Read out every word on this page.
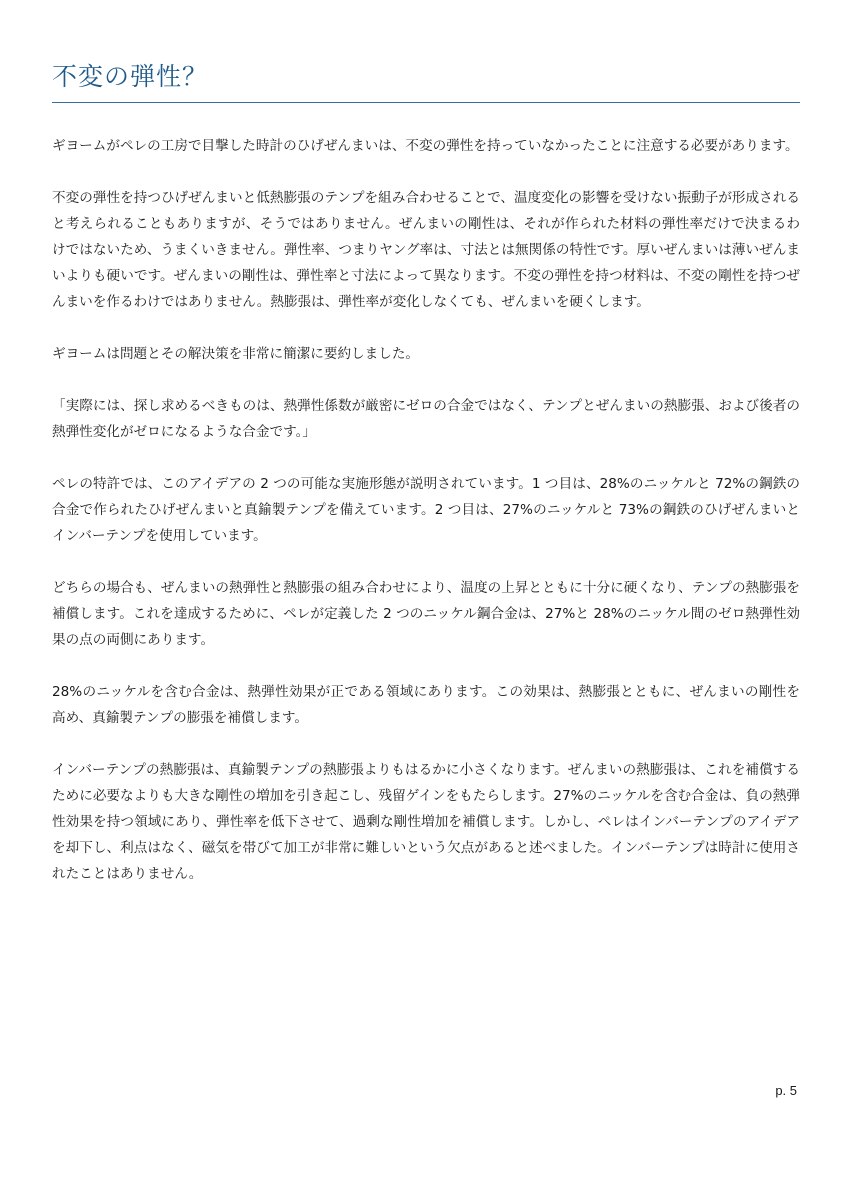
不変の弾性？

ギヨームがペレの工房で目撃した時計のひげぜんまいは、不変の弾性を持っていなかったことに注意する必要があります。

不変の弾性を持つひげぜんまいと低熱膨張のテンプを組み合わせることで、温度変化の影響を受けない振動子が形成されると考えられることもありますが、そうではありません。ぜんまいの剛性は、それが作られた材料の弾性率だけで決まるわけではないため、うまくいきません。弾性率、つまりヤング率は、寸法とは無関係の特性です。厚いぜんまいは薄いぜんまいよりも硬いです。ぜんまいの剛性は、弾性率と寸法によって異なります。不変の弾性を持つ材料は、不変の剛性を持つぜんまいを作るわけではありません。熱膨張は、弾性率が変化しなくても、ぜんまいを硬くします。

ギヨームは問題とその解決策を非常に簡潔に要約しました。

「実際には、探し求めるべきものは、熱弾性係数が厳密にゼロの合金ではなく、テンプとぜんまいの熱膨張、および後者の熱弾性変化がゼロになるような合金です。」

ペレの特許では、このアイデアの 2 つの可能な実施形態が説明されています。1 つ目は、28%のニッケルと 72%の鋼鉄の合金で作られたひげぜんまいと真鍮製テンプを備えています。2 つ目は、27%のニッケルと 73%の鋼鉄のひげぜんまいとインバーテンプを使用しています。

どちらの場合も、ぜんまいの熱弾性と熱膨張の組み合わせにより、温度の上昇とともに十分に硬くなり、テンプの熱膨張を補償します。これを達成するために、ペレが定義した 2 つのニッケル鋼合金は、27%と 28%のニッケル間のゼロ熱弾性効果の点の両側にあります。

28%のニッケルを含む合金は、熱弾性効果が正である領域にあります。この効果は、熱膨張とともに、ぜんまいの剛性を高め、真鍮製テンプの膨張を補償します。

インバーテンプの熱膨張は、真鍮製テンプの熱膨張よりもはるかに小さくなります。ぜんまいの熱膨張は、これを補償するために必要なよりも大きな剛性の増加を引き起こし、残留ゲインをもたらします。27%のニッケルを含む合金は、負の熱弾性効果を持つ領域にあり、弾性率を低下させて、過剰な剛性増加を補償します。しかし、ペレはインバーテンプのアイデアを却下し、利点はなく、磁気を帯びて加工が非常に難しいという欠点があると述べました。インバーテンプは時計に使用されたことはありません。

p. 5
